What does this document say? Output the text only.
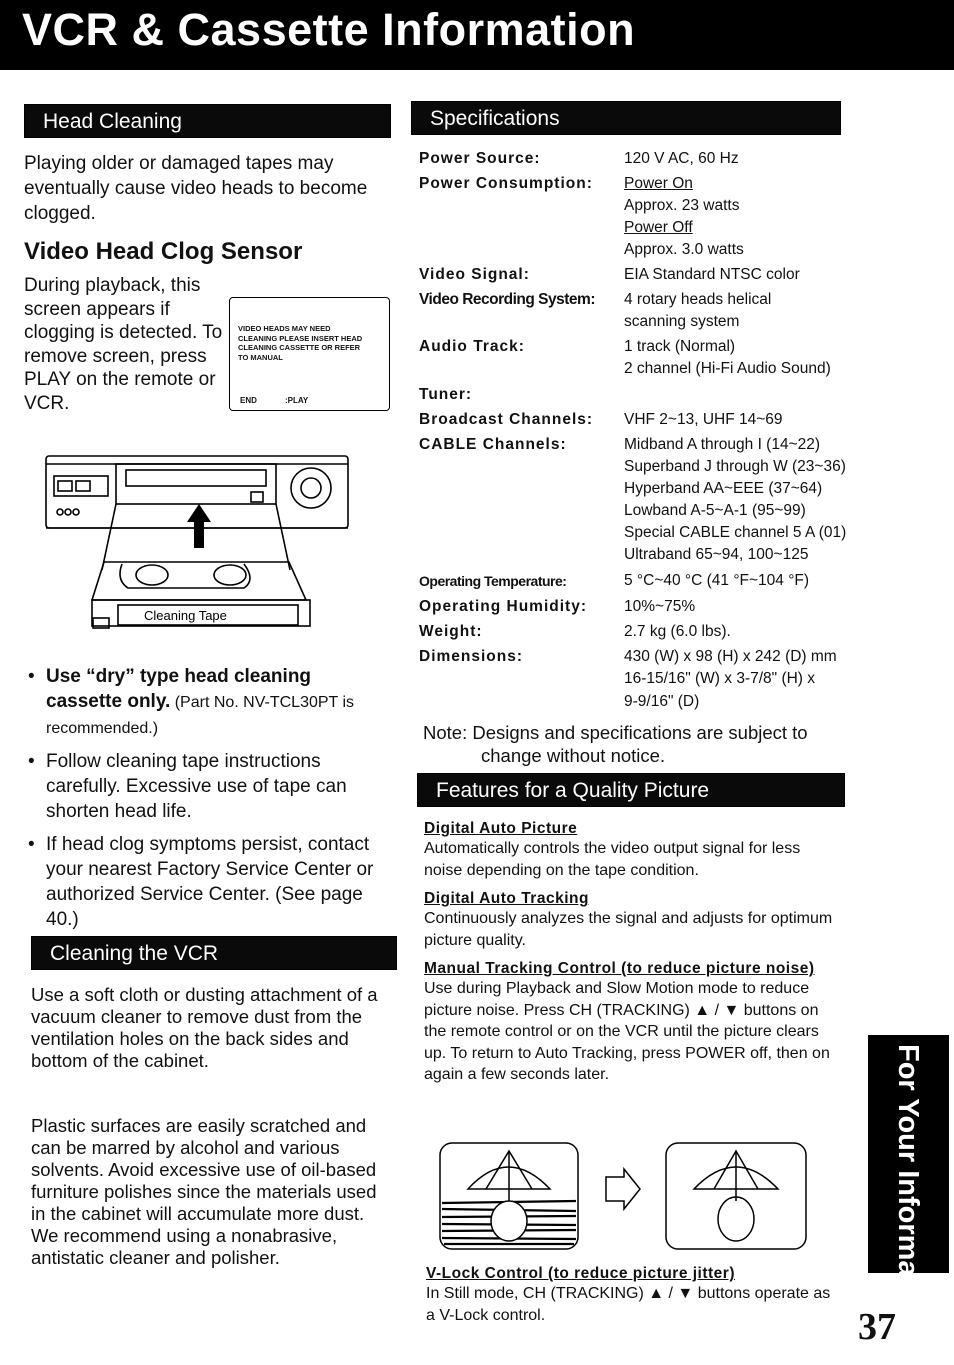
VCR & Cassette Information
Head Cleaning
Playing older or damaged tapes may eventually cause video heads to become clogged.
Video Head Clog Sensor
During playback, this screen appears if clogging is detected. To remove screen, press PLAY on the remote or VCR.
VIDEO HEADS MAY NEED CLEANING PLEASE INSERT HEAD CLEANING CASSETTE OR REFER TO MANUAL
END	:PLAY
Cleaning Tape
• Use “dry” type head cleaning cassette only. (Part No. NV-TCL30PT is recommended.)
• Follow cleaning tape instructions carefully. Excessive use of tape can shorten head life.
• If head clog symptoms persist, contact your nearest Factory Service Center or authorized Service Center. (See page 40.)
Cleaning the VCR
Use a soft cloth or dusting attachment of a vacuum cleaner to remove dust from the ventilation holes on the back sides and bottom of the cabinet.
Plastic surfaces are easily scratched and can be marred by alcohol and various solvents. Avoid excessive use of oil-based furniture polishes since the materials used in the cabinet will accumulate more dust. We recommend using a nonabrasive, antistatic cleaner and polisher.
Specifications
Power Source:	120 V AC, 60 Hz
Power Consumption: Power On
Approx. 23 watts
Power Off
Approx. 3.0 watts
Video Signal:	EIA Standard NTSC color
Video Recording System: 4 rotary heads helical
scanning system
Audio Track:	1 track (Normal)
2 channel (Hi-Fi Audio Sound)
Tuner:
Broadcast Channels: VHF 2~13, UHF 14~69
CABLE Channels:	Midband A through I (14~22)
Superband J through W (23~36)
Hyperband AA~EEE (37~64)
Lowband A-5~A-1 (95~99)
Special CABLE channel 5 A (01)
Ultraband 65~94, 100~125
Operating Temperature:	5 °C~40 °C (41 °F~104 °F)
Operating Humidity: 10%~75%
Weight:	2.7 kg (6.0 lbs).
Dimensions:	430 (W) x 98 (H) x 242 (D) mm
16-15/16" (W) x 3-7/8" (H) x
9-9/16" (D)
Note: Designs and specifications are subject to change without notice.
Features for a Quality Picture
Digital Auto Picture
Automatically controls the video output signal for less noise depending on the tape condition.
Digital Auto Tracking
Continuously analyzes the signal and adjusts for optimum picture quality.
Manual Tracking Control (to reduce picture noise)
Use during Playback and Slow Motion mode to reduce picture noise. Press CH (TRACKING) ▲ / ▼ buttons on the remote control or on the VCR until the picture clears up. To return to Auto Tracking, press POWER off, then on again a few seconds later.
V-Lock Control (to reduce picture jitter)
In Still mode, CH (TRACKING) ▲ / ▼ buttons operate as a V-Lock control.	For Your Information
37
